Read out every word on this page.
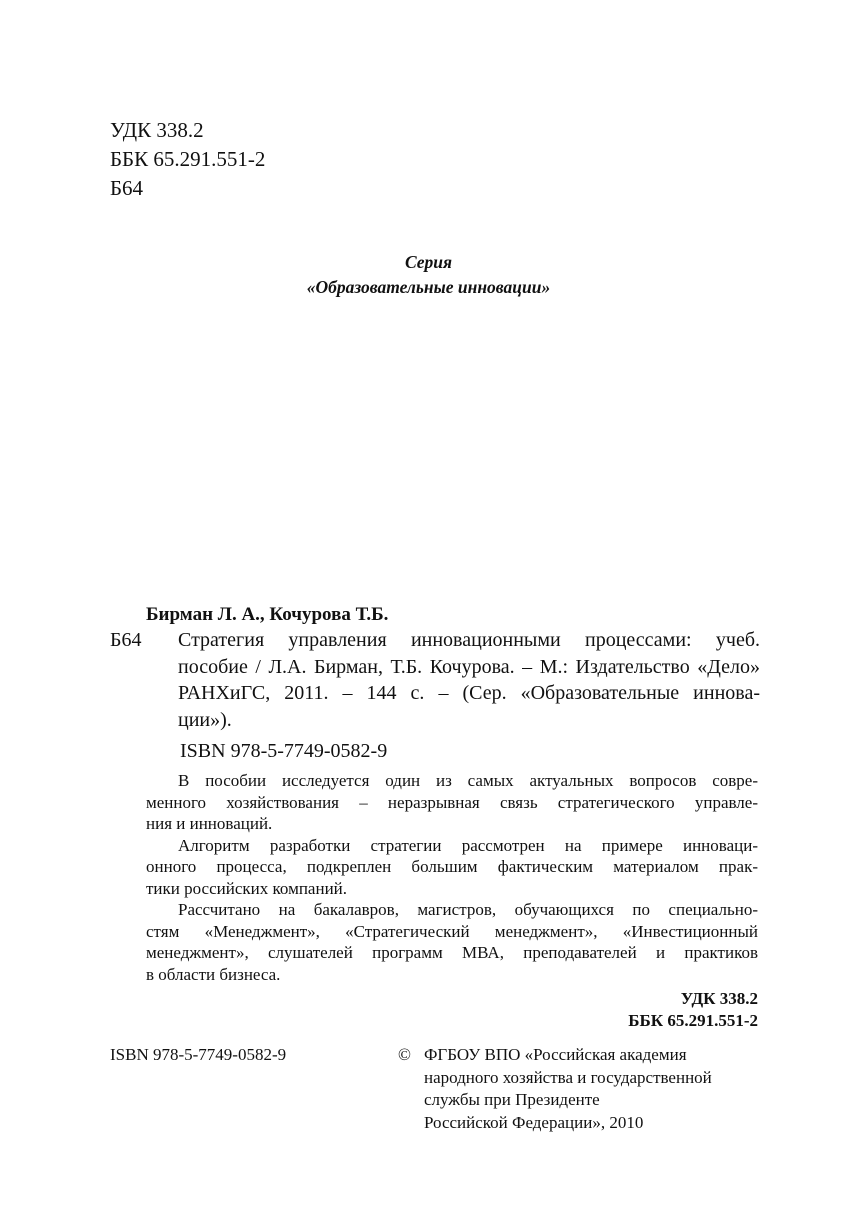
УДК 338.2
ББК 65.291.551-2
Б64
Серия
«Образовательные инновации»
Бирман Л. А., Кочурова Т.Б.
Б64 Стратегия управления инновационными процессами: учеб.
пособие / Л.А. Бирман, Т.Б. Кочурова. – М.: Издательство «Дело»
РАНХиГС, 2011. – 144 с. – (Сер. «Образовательные иннова-
ции»).
ISBN 978-5-7749-0582-9
В пособии исследуется один из самых актуальных вопросов совре-
менного хозяйствования – неразрывная связь стратегического управле-
ния и инноваций.
Алгоритм разработки стратегии рассмотрен на примере инноваци-
онного процесса, подкреплен большим фактическим материалом прак-
тики российских компаний.
Рассчитано на бакалавров, магистров, обучающихся по специально-
стям «Менеджмент», «Стратегический менеджмент», «Инвестиционный
менеджмент», слушателей программ МВА, преподавателей и практиков
в области бизнеса.
УДК 338.2
ББК 65.291.551-2
ISBN 978-5-7749-0582-9	© ФГБОУ ВПО «Российская академия
народного хозяйства и государственной
службы при Президенте
Российской Федерации», 2010
